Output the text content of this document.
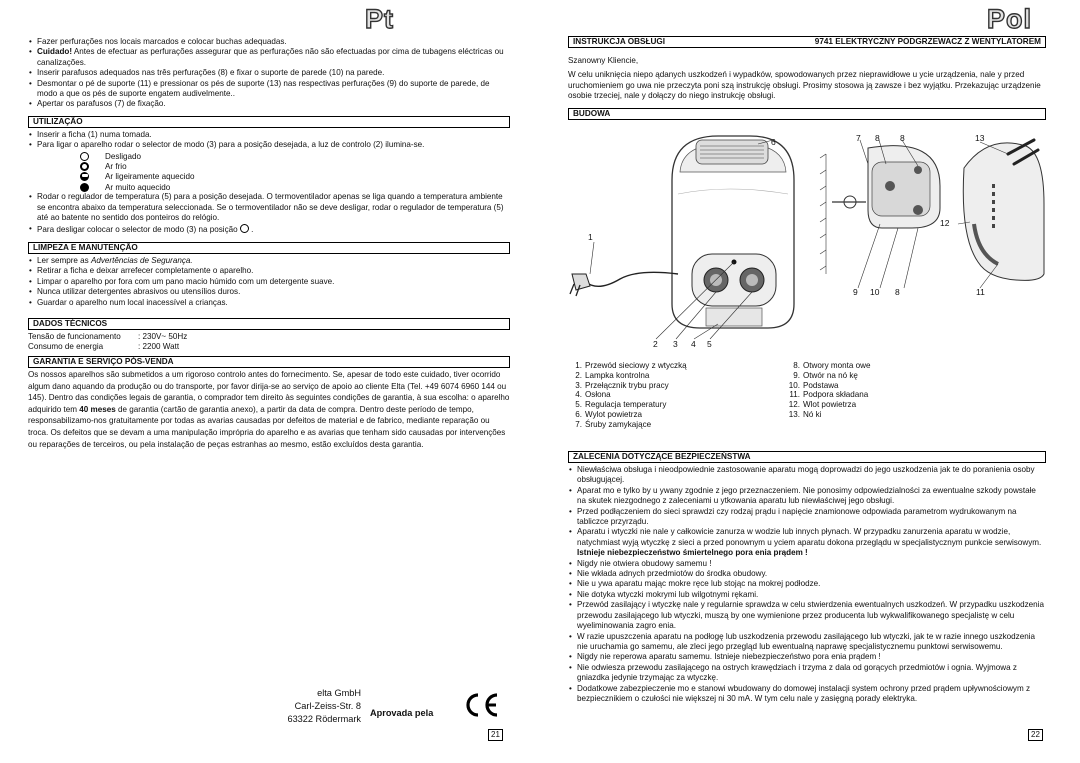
Pt
• Fazer perfurações nos locais marcados e colocar buchas adequadas.
• Cuidado! Antes de efectuar as perfurações assegurar que as perfurações não são efectuadas por cima de tubagens eléctricas ou canalizações.
• Inserir parafusos adequados nas três perfurações (8) e fixar o suporte de parede (10) na parede.
• Desmontar o pé de suporte (11) e pressionar os pés de suporte (13) nas respectivas perfurações (9) do suporte de parede, de modo a que os pés de suporte engatem audivelmente..
• Apertar os parafusos (7) de fixação.
UTILIZAÇÃO
• Inserir a ficha (1) numa tomada.
• Para ligar o aparelho rodar o selector de modo (3) para a posição desejada, a luz de controlo (2) ilumina-se.
Desligado
Ar frio
Ar ligeiramente aquecido
Ar muito aquecido
• Rodar o regulador de temperatura (5) para a posição desejada. O termoventilador apenas se liga quando a temperatura ambiente se encontra abaixo da temperatura seleccionada. Se o termoventilador não se deve desligar, rodar o regulador de temperatura (5) até ao batente no sentido dos ponteiros do relógio.
• Para desligar colocar o selector de modo (3) na posição  .
LIMPEZA E MANUTENÇÃO
• Ler sempre as Advertências de Segurança.
• Retirar a ficha e deixar arrefecer completamente o aparelho.
• Limpar o aparelho por fora com um pano macio húmido com um detergente suave.
• Nunca utilizar detergentes abrasivos ou utensílios duros.
• Guardar o aparelho num local inacessível a crianças.
DADOS TÉCNICOS
Tensão de funcionamento	: 230V~ 50Hz
Consumo de energia	: 2200 Watt
GARANTIA E SERVIÇO PÓS-VENDA
Os nossos aparelhos são submetidos a um rigoroso controlo antes do fornecimento. Se, apesar de todo este cuidado, tiver ocorrido algum dano aquando da produção ou do transporte, por favor dirija-se ao serviço de apoio ao cliente Elta (Tel. +49 6074 6960 144 ou 145). Dentro das condições legais de garantia, o comprador tem direito às seguintes condições de garantia, à sua escolha: o aparelho adquirido tem 40 meses de garantia (cartão de garantia anexo), a partir da data de compra. Dentro deste período de tempo, responsabilizamo-nos gratuitamente por todas as avarias causadas por defeitos de material e de fabrico, mediante reparação ou troca. Os defeitos que se devam a uma manipulação imprópria do aparelho e as avarias que tenham sido causadas por intervenções ou reparações de terceiros, ou pela instalação de peças estranhas ao mesmo, estão excluídos desta garantia.
elta GmbH
Carl-Zeiss-Str. 8
63322 Rödermark
Aprovada pela
21
Pol
INSTRUKCJA OBSŁUGI	9741 ELEKTRYCZNY PODGRZEWACZ Z WENTYLATOREM
Szanowny Kliencie,
W celu uniknięcia niepo ądanych uszkodzeń i wypadków, spowodowanych przez nieprawidłowe u ycie urządzenia, nale y przed uruchomieniem go uwa nie przeczyta poni szą instrukcję obsługi. Prosimy stosowa ją zawsze i bez wyjątku. Przekazując urządzenie osobie trzeciej, nale y dołączy do niego instrukcję obsługi.
BUDOWA
6
1
2 3 4 5
7 8 8	13
12
9 10 8	11
1. Przewód sieciowy z wtyczką
2. Lampka kontrolna
3. Przełącznik trybu pracy
4. Osłona
5. Regulacja temperatury
6. Wylot powietrza
7. Śruby zamykające
8. Otwory monta owe
9. Otwór na nó kę
10. Podstawa
11. Podpora składana
12. Wlot powietrza
13. Nó ki
ZALECENIA DOTYCZĄCE BEZPIECZEŃSTWA
• Niewłaściwa obsługa i nieodpowiednie zastosowanie aparatu mogą doprowadzi do jego uszkodzenia jak te do poranienia osoby obsługującej.
• Aparat mo e tylko by u ywany zgodnie z jego przeznaczeniem. Nie ponosimy odpowiedzialności za ewentualne szkody powstałe na skutek niezgodnego z zaleceniami u ytkowania aparatu lub niewłaściwej jego obsługi.
• Przed podłączeniem do sieci sprawdzi czy rodzaj prądu i napięcie znamionowe odpowiada parametrom wydrukowanym na tabliczce przyrządu.
• Aparatu i wtyczki nie nale y całkowicie zanurza w wodzie lub innych płynach. W przypadku zanurzenia aparatu w wodzie, natychmiast wyją wtyczkę z sieci a przed ponownym u yciem aparatu dokona przeglądu w specjalistycznym punkcie serwisowym. Istnieje niebezpieczeństwo śmiertelnego pora enia prądem !
• Nigdy nie otwiera obudowy samemu !
• Nie wkłada adnych przedmiotów do środka obudowy.
• Nie u ywa aparatu mając mokre ręce lub stojąc na mokrej podłodze.
• Nie dotyka wtyczki mokrymi lub wilgotnymi rękami.
• Przewód zasilający i wtyczkę nale y regularnie sprawdza w celu stwierdzenia ewentualnych uszkodzeń. W przypadku uszkodzenia przewodu zasilającego lub wtyczki, muszą by one wymienione przez producenta lub wykwalifikowanego specjalistę w celu wyeliminowania zagro enia.
• W razie upuszczenia aparatu na podłogę lub uszkodzenia przewodu zasilającego lub wtyczki, jak te w razie innego uszkodzenia nie uruchamia go samemu, ale zleci jego przegląd lub ewentualną naprawę specjalistycznemu punktowi serwisowemu.
• Nigdy nie reperowa aparatu samemu. Istnieje niebezpieczeństwo pora enia prądem !
• Nie odwiesza przewodu zasilającego na ostrych krawędziach i trzyma z dala od gorących przedmiotów i ognia. Wyjmowa z gniazdka jedynie trzymając za wtyczkę.
• Dodatkowe zabezpieczenie mo e stanowi wbudowany do domowej instalacji system ochrony przed prądem upływnościowym z bezpiecznikiem o czułości nie większej ni 30 mA. W tym celu nale y zasięgną porady elektryka.
22
